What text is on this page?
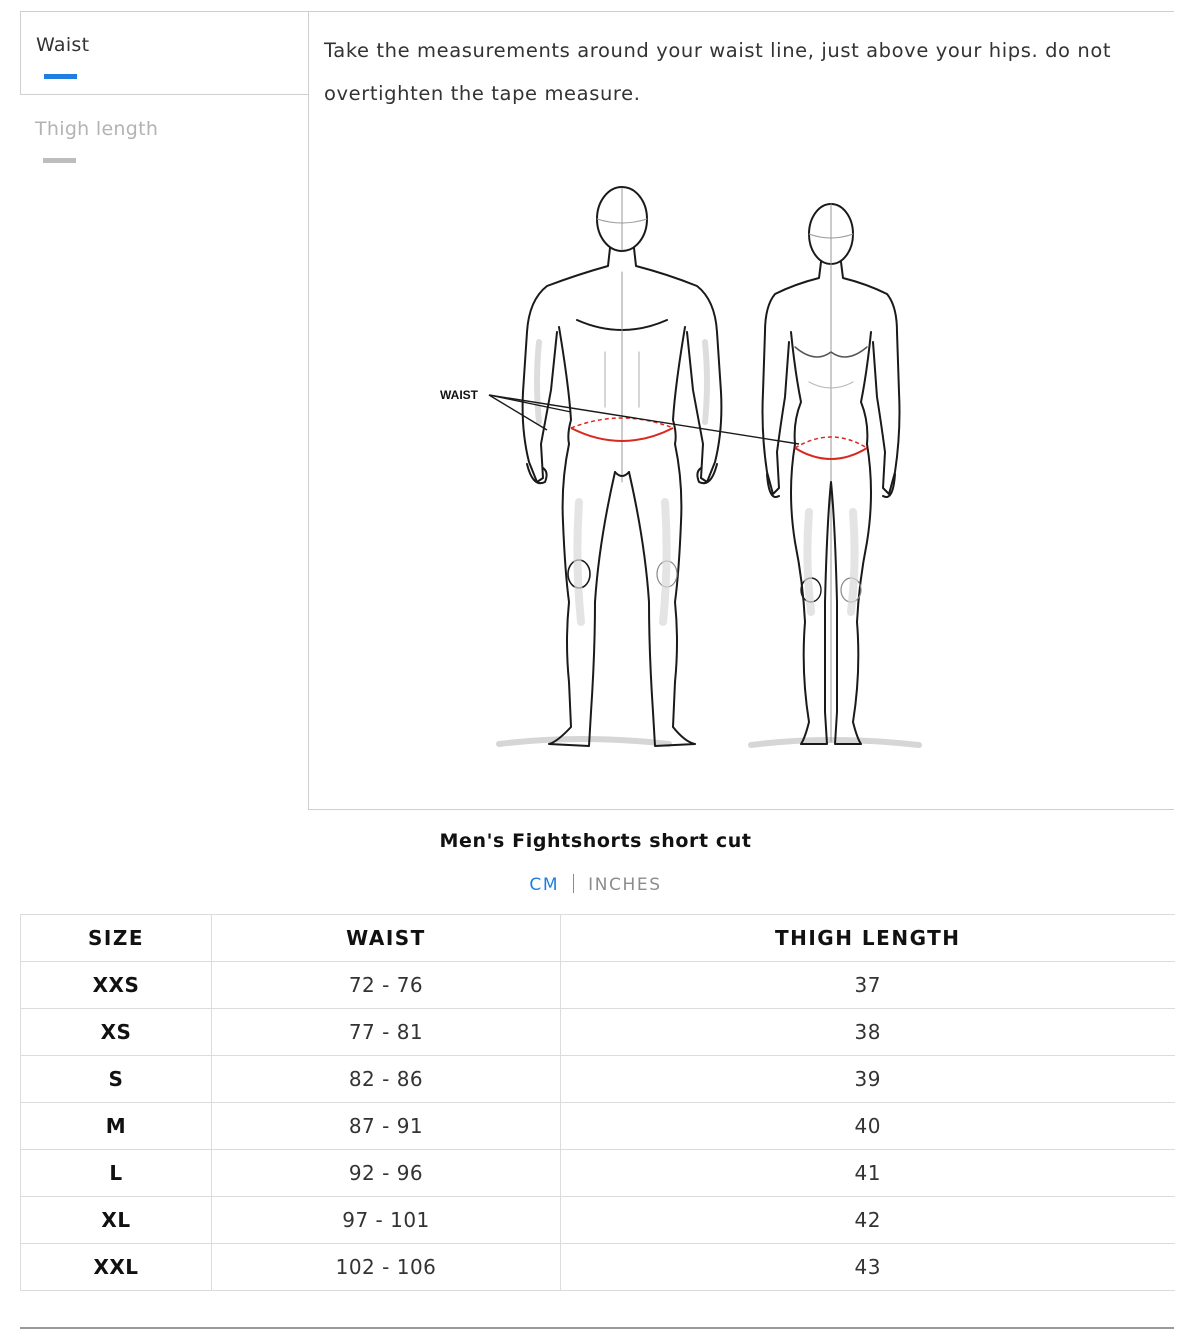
Waist
Thigh length

Take the measurements around your waist line, just above your hips. do not overtighten the tape measure.

WAIST
Men's Fightshorts short cut
CM INCHES
SIZE	WAIST	THIGH LENGTH
XXS	72 - 76	37
XS	77 - 81	38
S	82 - 86	39
M	87 - 91	40
L	92 - 96	41
XL	97 - 101	42
XXL	102 - 106	43
